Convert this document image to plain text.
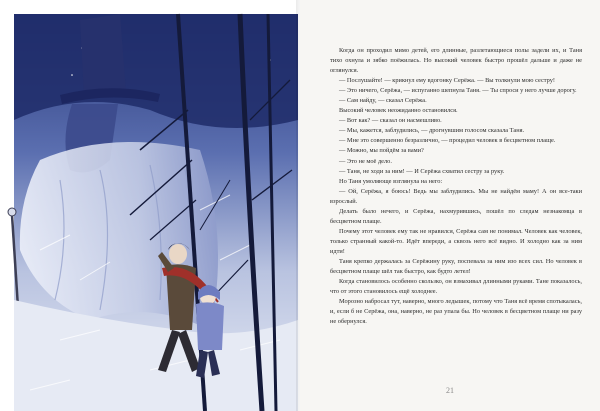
Когда он проходил мимо детей, его длинные, разлетающиеся полы задели их, и Таня тихо охнула и зябко поёжилась. Но высокий человек быстро прошёл дальше и даже не оглянулся.

— Послушайте! — крикнул ему вдогонку Серёжа. — Вы толкнули мою сестру!

— Это ничего, Серёжа, — испуганно шепнула Таня. — Ты спроси у него лучше дорогу.

— Сам найду, — сказал Серёжа.

Высокий человек неожиданно остановился.

— Вот как? — сказал он насмешливо.

— Мы, кажется, заблудились, — дрогнувшим голосом сказала Таня.

— Мне это совершенно безразлично, — процедил человек в бесцветном плаще.

— Можно, мы пойдём за вами?

— Это не моё дело.

— Таня, не ходи за ним! — И Серёжа схватил сестру за руку.

Но Таня умоляюще взглянула на него:

— Ой, Серёжа, я боюсь! Ведь мы заблудились. Мы не найдём маму! А он все-таки взрослый.

Делать было нечего, и Серёжа, нахмурившись, пошёл по следам незнакомца в бесцветном плаще.

Почему этот человек ему так не нравился, Серёжа сам не понимал. Человек как человек, только странный какой-то. Идёт впереди, а сквозь него всё видно. И холодно как за ним идти!

Таня крепко держалась за Серёжину руку, поспевала за ним изо всех сил. Но человек в бесцветном плаще шёл так быстро, как будто летел!

Когда становилось особенно скользко, он взмахивал длинными руками. Тане показалось, что от этого становилось ещё холоднее.

Морозно набросал тут, наверно, много ледышек, потому что Таня всё время спотыкалась, и, если б не Серёжа, она, наверно, не раз упала бы. Но человек в бесцветном плаще ни разу не обернулся.

21
